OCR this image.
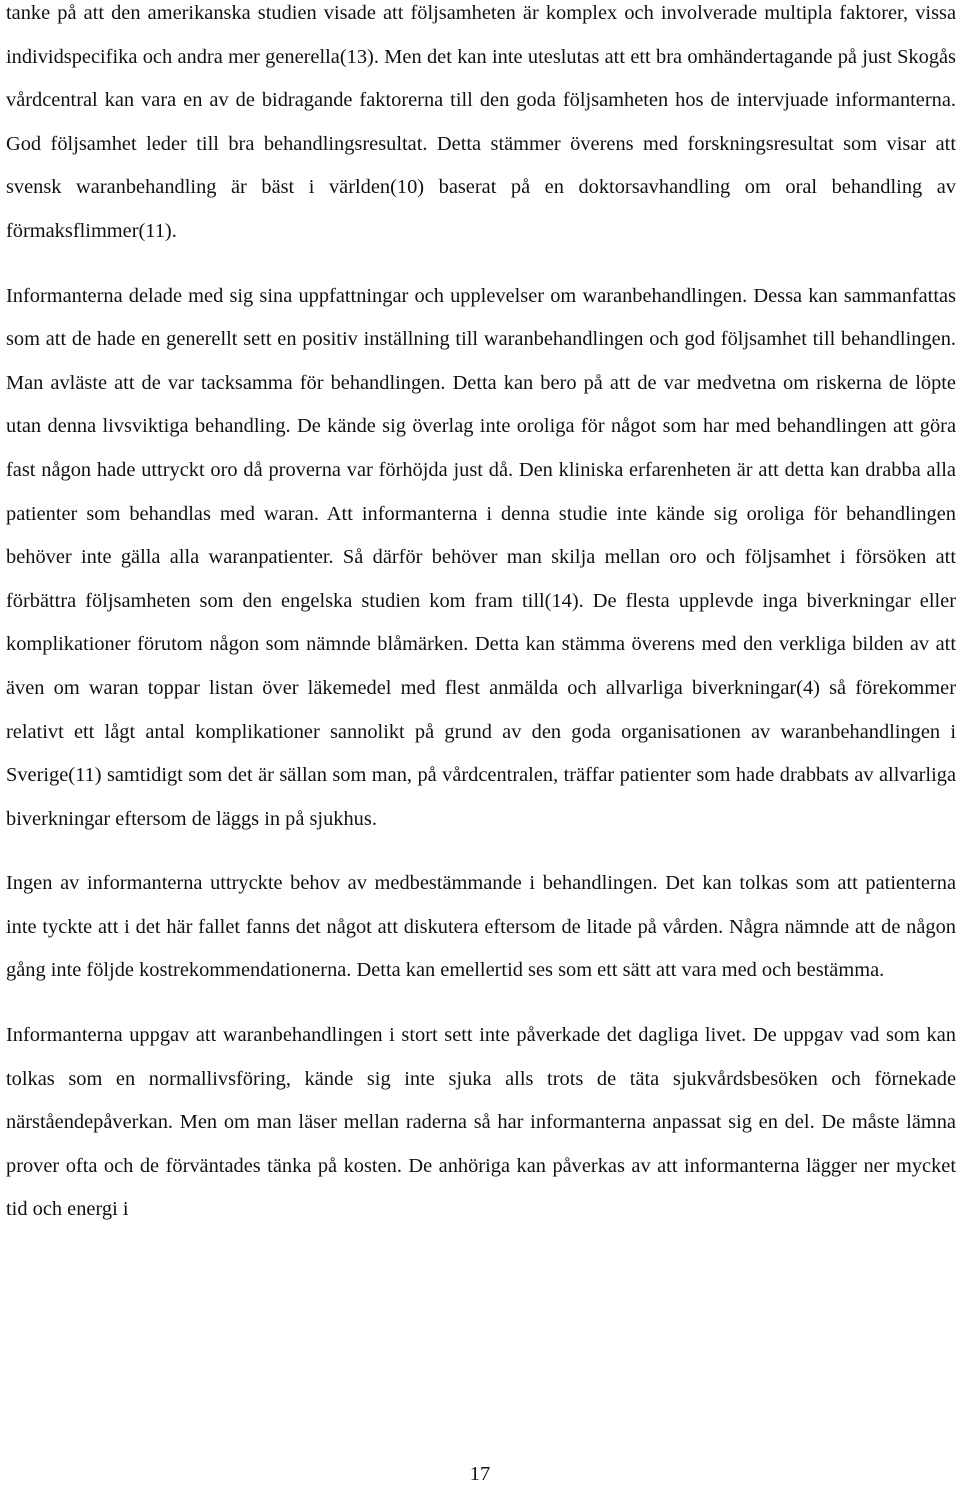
tanke på att den amerikanska studien visade att följsamheten är komplex och involverade multipla faktorer, vissa individspecifika och andra mer generella(13). Men det kan inte uteslutas att ett bra omhändertagande på just Skogås vårdcentral kan vara en av de bidragande faktorerna till den goda följsamheten hos de intervjuade informanterna. God följsamhet leder till bra behandlingsresultat. Detta stämmer överens med forskningsresultat som visar att svensk waranbehandling är bäst i världen(10) baserat på en doktorsavhandling om oral behandling av förmaksflimmer(11).

Informanterna delade med sig sina uppfattningar och upplevelser om waranbehandlingen. Dessa kan sammanfattas som att de hade en generellt sett en positiv inställning till waranbehandlingen och god följsamhet till behandlingen. Man avläste att de var tacksamma för behandlingen. Detta kan bero på att de var medvetna om riskerna de löpte utan denna livsviktiga behandling. De kände sig överlag inte oroliga för något som har med behandlingen att göra fast någon hade uttryckt oro då proverna var förhöjda just då. Den kliniska erfarenheten är att detta kan drabba alla patienter som behandlas med waran. Att informanterna i denna studie inte kände sig oroliga för behandlingen behöver inte gälla alla waranpatienter. Så därför behöver man skilja mellan oro och följsamhet i försöken att förbättra följsamheten som den engelska studien kom fram till(14). De flesta upplevde inga biverkningar eller komplikationer förutom någon som nämnde blåmärken. Detta kan stämma överens med den verkliga bilden av att även om waran toppar listan över läkemedel med flest anmälda och allvarliga biverkningar(4) så förekommer relativt ett lågt antal komplikationer sannolikt på grund av den goda organisationen av waranbehandlingen i Sverige(11) samtidigt som det är sällan som man, på vårdcentralen, träffar patienter som hade drabbats av allvarliga biverkningar eftersom de läggs in på sjukhus.

Ingen av informanterna uttryckte behov av medbestämmande i behandlingen. Det kan tolkas som att patienterna inte tyckte att i det här fallet fanns det något att diskutera eftersom de litade på vården. Några nämnde att de någon gång inte följde kostrekommendationerna. Detta kan emellertid ses som ett sätt att vara med och bestämma.

Informanterna uppgav att waranbehandlingen i stort sett inte påverkade det dagliga livet. De uppgav vad som kan tolkas som en normallivsföring, kände sig inte sjuka alls trots de täta sjukvårdsbesöken och förnekade närståendepåverkan. Men om man läser mellan raderna så har informanterna anpassat sig en del. De måste lämna prover ofta och de förväntades tänka på kosten. De anhöriga kan påverkas av att informanterna lägger ner mycket tid och energi i

17
